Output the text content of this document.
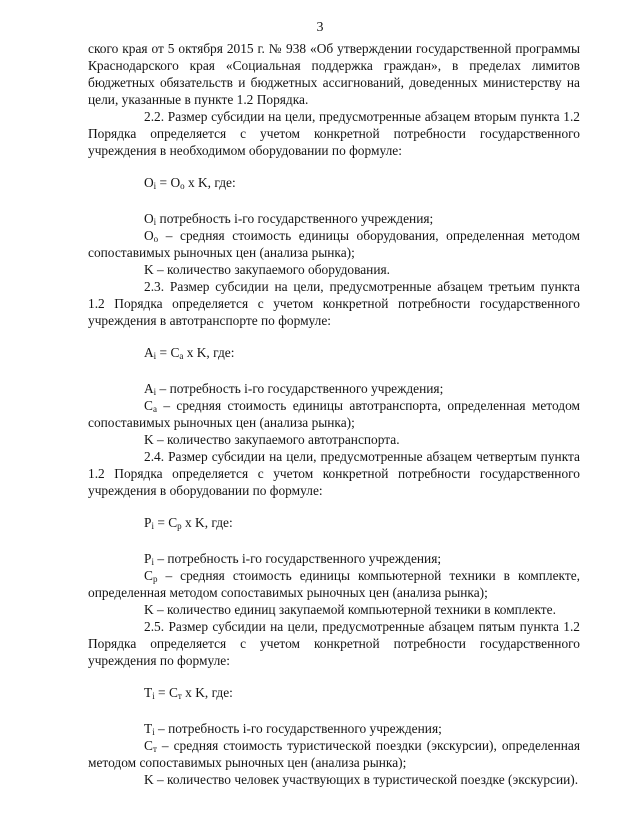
3

ского края от 5 октября 2015 г. № 938 «Об утверждении государственной программы Краснодарского края «Социальная поддержка граждан», в пределах лимитов бюджетных обязательств и бюджетных ассигнований, доведенных министерству на цели, указанные в пункте 1.2 Порядка.

2.2. Размер субсидии на цели, предусмотренные абзацем вторым пункта 1.2 Порядка определяется с учетом конкретной потребности государственного учреждения в необходимом оборудовании по формуле:

$O_i = O_o$ x K, где:

$O_i$ потребность i-го государственного учреждения;

$O_o$ – средняя стоимость единицы оборудования, определенная методом сопоставимых рыночных цен (анализа рынка);

K – количество закупаемого оборудования.

2.3. Размер субсидии на цели, предусмотренные абзацем третьим пункта 1.2 Порядка определяется с учетом конкретной потребности государственного учреждения в автотранспорте по формуле:

$A_i = C_a$ x K, где:

$A_i$ – потребность i-го государственного учреждения;

$C_a$ – средняя стоимость единицы автотранспорта, определенная методом сопоставимых рыночных цен (анализа рынка);

K – количество закупаемого автотранспорта.

2.4. Размер субсидии на цели, предусмотренные абзацем четвертым пункта 1.2 Порядка определяется с учетом конкретной потребности государственного учреждения в оборудовании по формуле:

$P_i = C_p$ x K, где:

$P_i$ – потребность i-го государственного учреждения;

$C_p$ – средняя стоимость единицы компьютерной техники в комплекте, определенная методом сопоставимых рыночных цен (анализа рынка);

K – количество единиц закупаемой компьютерной техники в комплекте.

2.5. Размер субсидии на цели, предусмотренные абзацем пятым пункта 1.2 Порядка определяется с учетом конкретной потребности государственного учреждения по формуле:

$T_i = C_т$ x K, где:

$T_i$ – потребность i-го государственного учреждения;

$C_т$ – средняя стоимость туристической поездки (экскурсии), определенная методом сопоставимых рыночных цен (анализа рынка);

K – количество человек участвующих в туристической поездке (экскурсии).
